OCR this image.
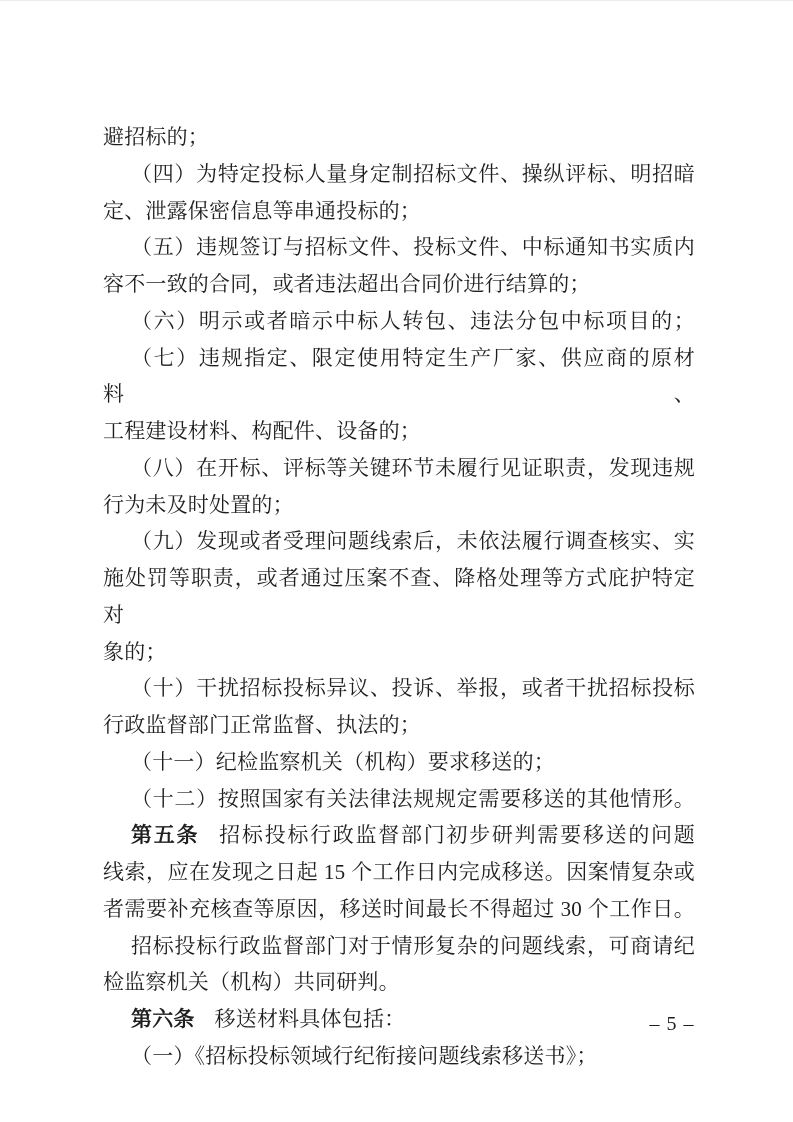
避招标的；
（四）为特定投标人量身定制招标文件、操纵评标、明招暗
定、泄露保密信息等串通投标的；
（五）违规签订与招标文件、投标文件、中标通知书实质内
容不一致的合同，或者违法超出合同价进行结算的；
（六）明示或者暗示中标人转包、违法分包中标项目的；
（七）违规指定、限定使用特定生产厂家、供应商的原材料、
工程建设材料、构配件、设备的；
（八）在开标、评标等关键环节未履行见证职责，发现违规
行为未及时处置的；
（九）发现或者受理问题线索后，未依法履行调查核实、实
施处罚等职责，或者通过压案不查、降格处理等方式庇护特定对
象的；
（十）干扰招标投标异议、投诉、举报，或者干扰招标投标
行政监督部门正常监督、执法的；
（十一）纪检监察机关（机构）要求移送的；
（十二）按照国家有关法律法规规定需要移送的其他情形。
第五条 招标投标行政监督部门初步研判需要移送的问题
线索，应在发现之日起 15 个工作日内完成移送。因案情复杂或
者需要补充核查等原因，移送时间最长不得超过 30 个工作日。
招标投标行政监督部门对于情形复杂的问题线索，可商请纪
检监察机关（机构）共同研判。
第六条 移送材料具体包括：
（一）《招标投标领域行纪衔接问题线索移送书》；
– 5 –
